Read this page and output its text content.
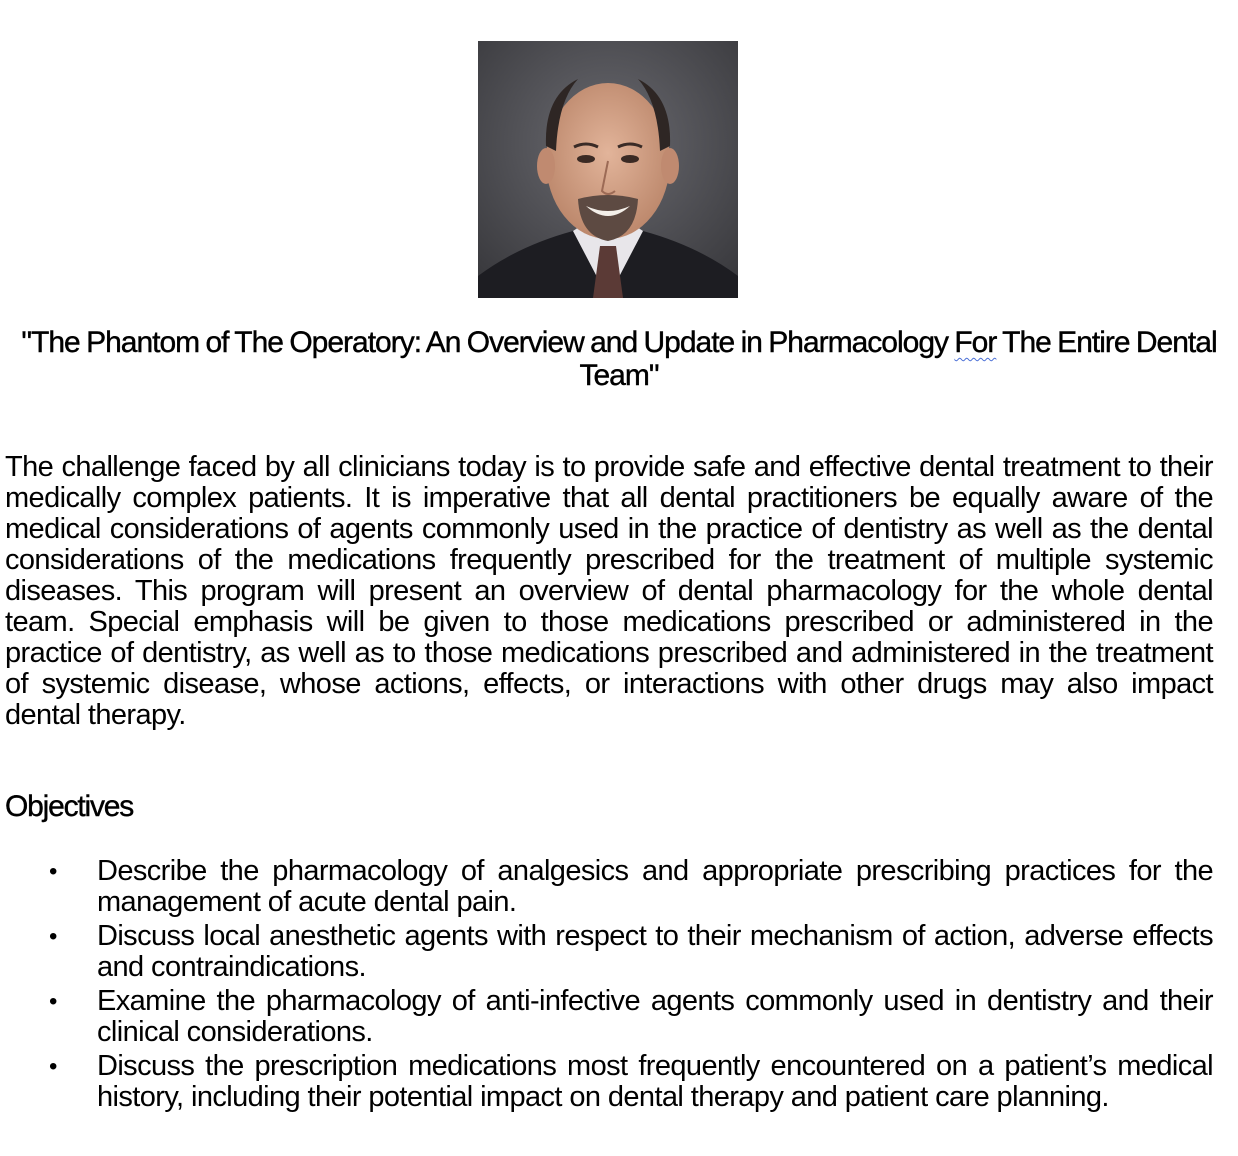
"The Phantom of The Operatory: An Overview and Update in Pharmacology For The Entire Dental Team"

The challenge faced by all clinicians today is to provide safe and effective dental treatment to their medically complex patients. It is imperative that all dental practitioners be equally aware of the medical considerations of agents commonly used in the practice of dentistry as well as the dental considerations of the medications frequently prescribed for the treatment of multiple systemic diseases. This program will present an overview of dental pharmacology for the whole dental team. Special emphasis will be given to those medications prescribed or administered in the practice of dentistry, as well as to those medications prescribed and administered in the treatment of systemic disease, whose actions, effects, or interactions with other drugs may also impact dental therapy.

Objectives
• Describe the pharmacology of analgesics and appropriate prescribing practices for the management of acute dental pain.
• Discuss local anesthetic agents with respect to their mechanism of action, adverse effects and contraindications.
• Examine the pharmacology of anti-infective agents commonly used in dentistry and their clinical considerations.
• Discuss the prescription medications most frequently encountered on a patient’s medical history, including their potential impact on dental therapy and patient care planning.
